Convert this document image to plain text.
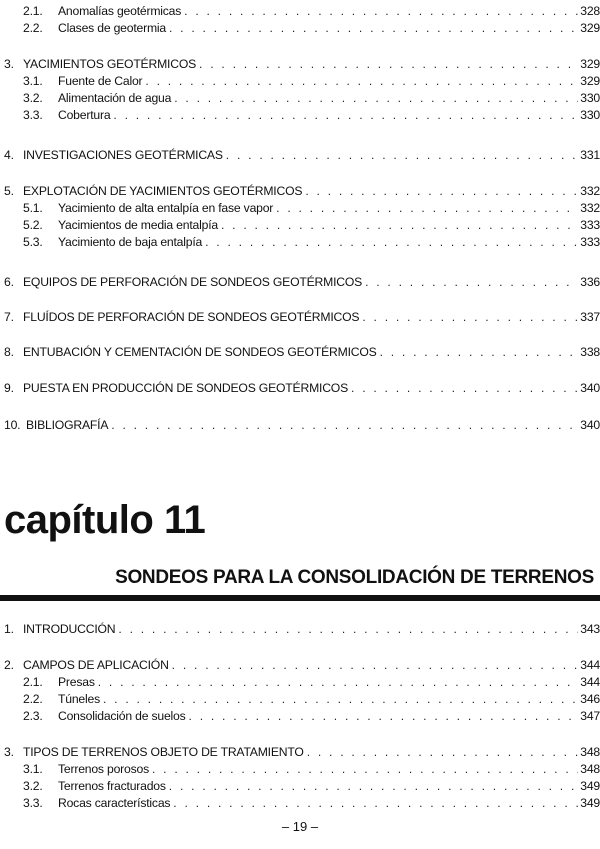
2.1. Anomalías geotérmicas . . .	328
2.2. Clases de geotermia . . .	329
3. YACIMIENTOS GEOTÉRMICOS . . .	329
3.1. Fuente de Calor . . .	329
3.2. Alimentación de agua . . .	330
3.3. Cobertura . . .	330
4. INVESTIGACIONES GEOTÉRMICAS . . .	331
5. EXPLOTACIÓN DE YACIMIENTOS GEOTÉRMICOS . . .	332
5.1. Yacimiento de alta entalpía en fase vapor . . .	332
5.2. Yacimientos de media entalpía . . .	333
5.3. Yacimiento de baja entalpía . . .	333
6. EQUIPOS DE PERFORACIÓN DE SONDEOS GEOTÉRMICOS . . .	336
7. FLUÍDOS DE PERFORACIÓN DE SONDEOS GEOTÉRMICOS . . .	337
8. ENTUBACIÓN Y CEMENTACIÓN DE SONDEOS GEOTÉRMICOS . . .	338
9. PUESTA EN PRODUCCIÓN DE SONDEOS GEOTÉRMICOS . . .	340
10. BIBLIOGRAFÍA . . .	340
capítulo 11
SONDEOS PARA LA CONSOLIDACIÓN DE TERRENOS
1. INTRODUCCIÓN . . .	343
2. CAMPOS DE APLICACIÓN . . .	344
2.1. Presas . . .	344
2.2. Túneles . . .	346
2.3. Consolidación de suelos . . .	347
3. TIPOS DE TERRENOS OBJETO DE TRATAMIENTO . . .	348
3.1. Terrenos porosos . . .	348
3.2. Terrenos fracturados . . .	349
3.3. Rocas características . . .	349
– 19 –
